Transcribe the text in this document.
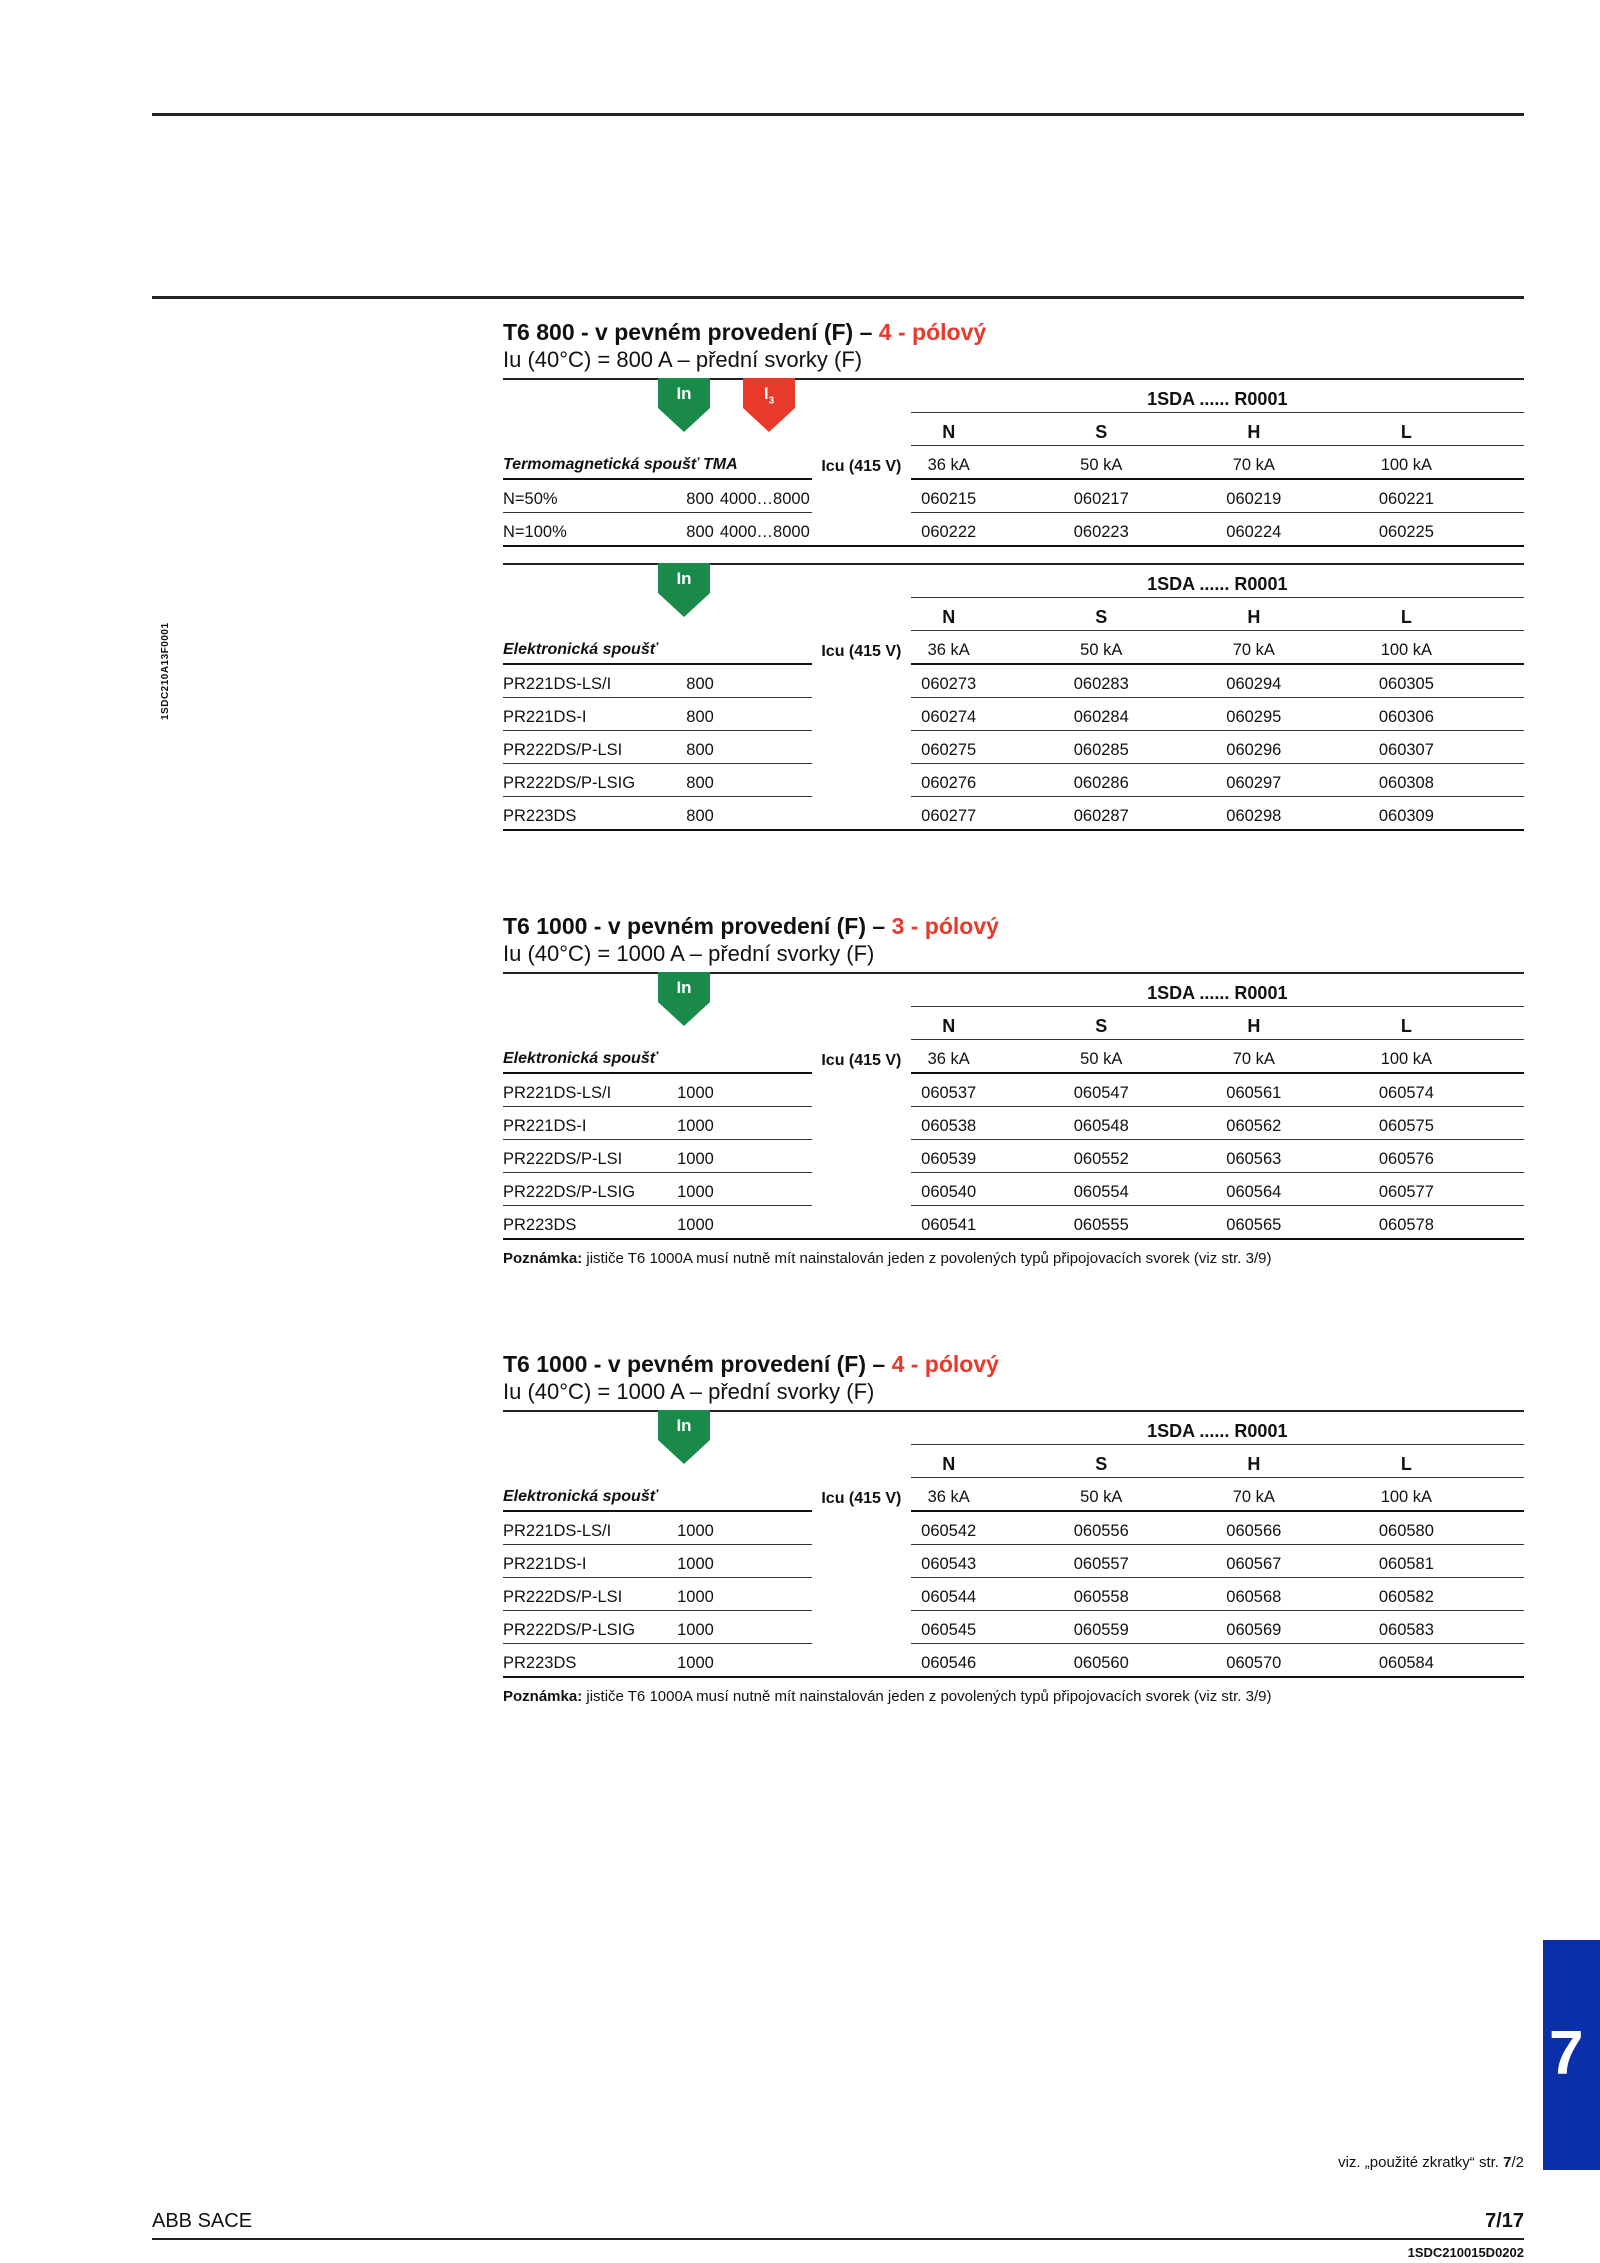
1SDC210A13F0001
T6 800 - v pevném provedení (F) – 4 - pólový
Iu (40°C) = 800 A – přední svorky (F)
In	$I_3$
				1SDA ...... R0001							
				N		S		H		L	
Termomagnetická spoušť TMA			Icu (415 V)	36 kA		50 kA		70 kA		100 kA	
N=50%	800	4000…8000		060215		060217		060219		060221	
N=100%	800	4000…8000		060222		060223		060224		060225	
In
				1SDA ...... R0001							
				N		S		H		L	
Elektronická spoušť			Icu (415 V)	36 kA		50 kA		70 kA		100 kA	
PR221DS-LS/I	800			060273		060283		060294		060305	
PR221DS-I	800			060274		060284		060295		060306	
PR222DS/P-LSI	800			060275		060285		060296		060307	
PR222DS/P-LSIG	800			060276		060286		060297		060308	
PR223DS	800			060277		060287		060298		060309	
T6 1000 - v pevném provedení (F) – 3 - pólový
Iu (40°C) = 1000 A – přední svorky (F)
In
				1SDA ...... R0001							
				N		S		H		L	
Elektronická spoušť			Icu (415 V)	36 kA		50 kA		70 kA		100 kA	
PR221DS-LS/I	1000			060537		060547		060561		060574	
PR221DS-I	1000			060538		060548		060562		060575	
PR222DS/P-LSI	1000			060539		060552		060563		060576	
PR222DS/P-LSIG	1000			060540		060554		060564		060577	
PR223DS	1000			060541		060555		060565		060578	
Poznámka: jističe T6 1000A musí nutně mít nainstalován jeden z povolených typů připojovacích svorek (viz str. 3/9)
T6 1000 - v pevném provedení (F) – 4 - pólový
Iu (40°C) = 1000 A – přední svorky (F)
In
				1SDA ...... R0001							
				N		S		H		L	
Elektronická spoušť			Icu (415 V)	36 kA		50 kA		70 kA		100 kA	
PR221DS-LS/I	1000			060542		060556		060566		060580	
PR221DS-I	1000			060543		060557		060567		060581	
PR222DS/P-LSI	1000			060544		060558		060568		060582	
PR222DS/P-LSIG	1000			060545		060559		060569		060583	
PR223DS	1000			060546		060560		060570		060584	
Poznámka: jističe T6 1000A musí nutně mít nainstalován jeden z povolených typů připojovacích svorek (viz str. 3/9)
7
viz. „použité zkratky“ str. 7/2
ABB SACE	7/17
1SDC210015D0202
